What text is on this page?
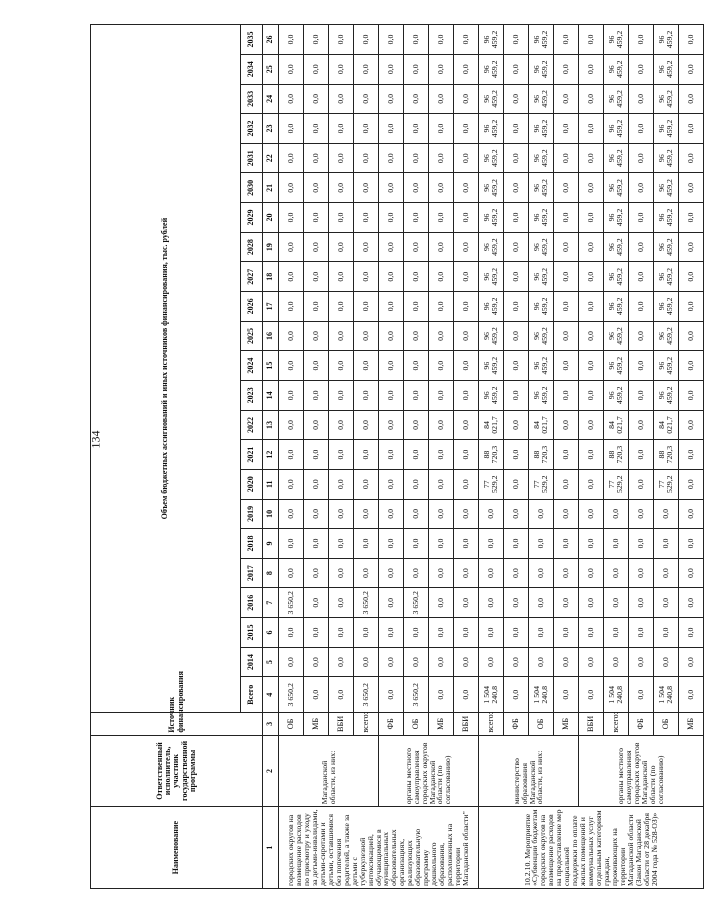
134
Наименование	Ответственный исполнитель, участник государственной программы	Источник финансирования	Объем бюджетных ассигнований и иных источников финансирования, тыс. рублей																						
			Всего	2014	2015	2016	2017	2018	2019	2020	2021	2022	2023	2024	2025	2026	2027	2028	2029	2030	2031	2032	2033	2034	2035
1	2	3	4	5	6	7	8	9	10	11	12	13	14	15	16	17	18	19	20	21	22	23	24	25	26
городских округов на возмещение расходов по присмотру и уходу за детьми-инвалидами, детьми-сиротами и детьми, оставшимися без попечения родителей, а также за детьми с туберкулезной интоксикацией, обучающимися в муниципальных образовательных организациях, реализующих образовательную программу дошкольного образования, расположенных на территории Магаданской области"	Магаданской области, из них:	ОБ	3 650,2	0,0	0,0	3 650,2	0,0	0,0	0,0	0,0	0,0	0,0	0,0	0,0	0,0	0,0	0,0	0,0	0,0	0,0	0,0	0,0	0,0	0,0	0,0
		МБ	0,0	0,0	0,0	0,0	0,0	0,0	0,0	0,0	0,0	0,0	0,0	0,0	0,0	0,0	0,0	0,0	0,0	0,0	0,0	0,0	0,0	0,0	0,0
		ВБИ	0,0	0,0	0,0	0,0	0,0	0,0	0,0	0,0	0,0	0,0	0,0	0,0	0,0	0,0	0,0	0,0	0,0	0,0	0,0	0,0	0,0	0,0	0,0
		всего:	3 650,2	0,0	0,0	3 650,2	0,0	0,0	0,0	0,0	0,0	0,0	0,0	0,0	0,0	0,0	0,0	0,0	0,0	0,0	0,0	0,0	0,0	0,0	0,0
	органы местного самоуправления городских округов Магаданской области (по согласованию)	ФБ	0,0	0,0	0,0	0,0	0,0	0,0	0,0	0,0	0,0	0,0	0,0	0,0	0,0	0,0	0,0	0,0	0,0	0,0	0,0	0,0	0,0	0,0	0,0
		ОБ	3 650,2	0,0	0,0	3 650,2	0,0	0,0	0,0	0,0	0,0	0,0	0,0	0,0	0,0	0,0	0,0	0,0	0,0	0,0	0,0	0,0	0,0	0,0	0,0
		МБ	0,0	0,0	0,0	0,0	0,0	0,0	0,0	0,0	0,0	0,0	0,0	0,0	0,0	0,0	0,0	0,0	0,0	0,0	0,0	0,0	0,0	0,0	0,0
		ВБИ	0,0	0,0	0,0	0,0	0,0	0,0	0,0	0,0	0,0	0,0	0,0	0,0	0,0	0,0	0,0	0,0	0,0	0,0	0,0	0,0	0,0	0,0	0,0
10.2.10. Мероприятие «Субвенции бюджетам городских округов на возмещение расходов на предоставление мер социальной поддержки по оплате жилых помещений и коммунальных услуг отдельным категориям граждан, проживающих на территории Магаданской области (Закон Магаданской области от 28 декабря 2004 года № 528-ОЗ)»	министерство образования Магаданской области, из них:	всего:	1 504 240,8	0,0	0,0	0,0	0,0	0,0	0,0	77 529,2	88 720,3	84 021,7	96 459,2	96 459,2	96 459,2	96 459,2	96 459,2	96 459,2	96 459,2	96 459,2	96 459,2	96 459,2	96 459,2	96 459,2	96 459,2
		ФБ	0,0	0,0	0,0	0,0	0,0	0,0	0,0	0,0	0,0	0,0	0,0	0,0	0,0	0,0	0,0	0,0	0,0	0,0	0,0	0,0	0,0	0,0	0,0
		ОБ	1 504 240,8	0,0	0,0	0,0	0,0	0,0	0,0	77 529,2	88 720,3	84 021,7	96 459,2	96 459,2	96 459,2	96 459,2	96 459,2	96 459,2	96 459,2	96 459,2	96 459,2	96 459,2	96 459,2	96 459,2	96 459,2
		МБ	0,0	0,0	0,0	0,0	0,0	0,0	0,0	0,0	0,0	0,0	0,0	0,0	0,0	0,0	0,0	0,0	0,0	0,0	0,0	0,0	0,0	0,0	0,0
	органы местного самоуправления городских округов Магаданской области (по согласованию)	ВБИ	0,0	0,0	0,0	0,0	0,0	0,0	0,0	0,0	0,0	0,0	0,0	0,0	0,0	0,0	0,0	0,0	0,0	0,0	0,0	0,0	0,0	0,0	0,0
		всего:	1 504 240,8	0,0	0,0	0,0	0,0	0,0	0,0	77 529,2	88 720,3	84 021,7	96 459,2	96 459,2	96 459,2	96 459,2	96 459,2	96 459,2	96 459,2	96 459,2	96 459,2	96 459,2	96 459,2	96 459,2	96 459,2
		ФБ	0,0	0,0	0,0	0,0	0,0	0,0	0,0	0,0	0,0	0,0	0,0	0,0	0,0	0,0	0,0	0,0	0,0	0,0	0,0	0,0	0,0	0,0	0,0
		ОБ	1 504 240,8	0,0	0,0	0,0	0,0	0,0	0,0	77 529,2	88 720,3	84 021,7	96 459,2	96 459,2	96 459,2	96 459,2	96 459,2	96 459,2	96 459,2	96 459,2	96 459,2	96 459,2	96 459,2	96 459,2	96 459,2
		МБ	0,0	0,0	0,0	0,0	0,0	0,0	0,0	0,0	0,0	0,0	0,0	0,0	0,0	0,0	0,0	0,0	0,0	0,0	0,0	0,0	0,0	0,0	0,0
